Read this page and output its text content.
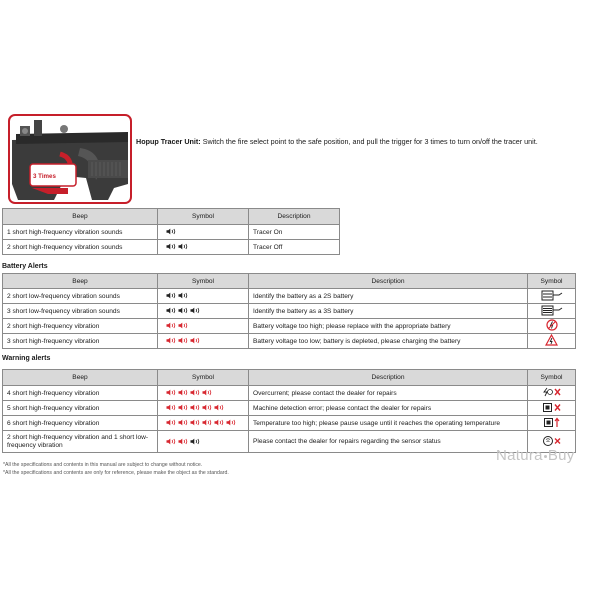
3 Times
Hopup Tracer Unit: Switch the fire select point to the safe position, and pull the trigger for 3 times to turn on/off the tracer unit.
Beep	Symbol	Description
1 short high-frequency vibration sounds		Tracer On
2 short high-frequency vibration sounds		Tracer Off
Battery Alerts
Beep	Symbol	Description	Symbol
2 short low-frequency vibration sounds		Identify the battery as a 2S battery	
3 short low-frequency vibration sounds		Identify the battery as a 3S battery	
2 short high-frequency vibration		Battery voltage too high; please replace with the appropriate battery	
3 short high-frequency vibration		Battery voltage too low; battery is depleted, please charging the battery	
Warning alerts
Beep	Symbol	Description	Symbol
4 short high-frequency vibration		Overcurrent; please contact the dealer for repairs	
5 short high-frequency vibration		Machine detection error; please contact the dealer for repairs	
6 short high-frequency vibration		Temperature too high; please pause usage until it reaches the operating temperature	
2 short high-frequency vibration and 1 short low-frequency vibration		Please contact the dealer for repairs regarding the sensor status	
*All the specifications and contents in this manual are subject to change without notice.
*All the specifications and contents are only for reference, please make the object as the standard.
Natura Buy
